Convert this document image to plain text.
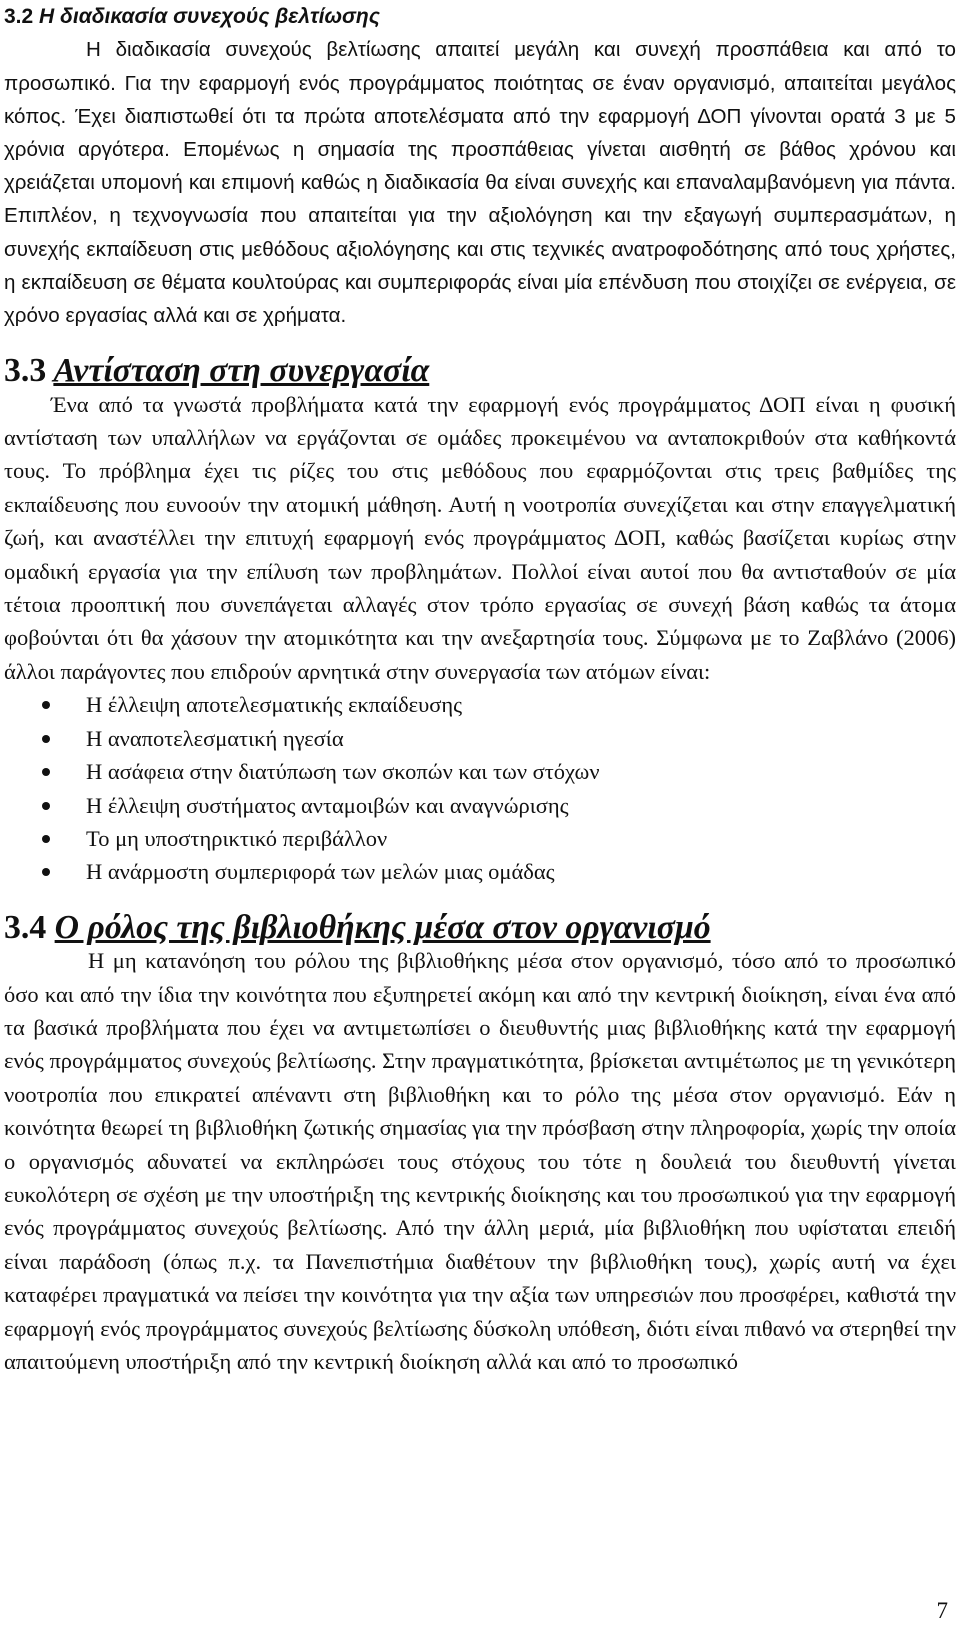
3.2 Η διαδικασία συνεχούς βελτίωσης

Η διαδικασία συνεχούς βελτίωσης απαιτεί μεγάλη και συνεχή προσπάθεια και από το προσωπικό. Για την εφαρμογή ενός προγράμματος ποιότητας σε έναν οργανισμό, απαιτείται μεγάλος κόπος. Έχει διαπιστωθεί ότι τα πρώτα αποτελέσματα από την εφαρμογή ΔΟΠ γίνονται ορατά 3 με 5 χρόνια αργότερα. Επομένως η σημασία της προσπάθειας γίνεται αισθητή σε βάθος χρόνου και χρειάζεται υπομονή και επιμονή καθώς η διαδικασία θα είναι συνεχής και επαναλαμβανόμενη για πάντα. Επιπλέον, η τεχνογνωσία που απαιτείται για την αξιολόγηση και την εξαγωγή συμπερασμάτων, η συνεχής εκπαίδευση στις μεθόδους αξιολόγησης και στις τεχνικές ανατροφοδότησης από τους χρήστες, η εκπαίδευση σε θέματα κουλτούρας και συμπεριφοράς είναι μία επένδυση που στοιχίζει σε ενέργεια, σε χρόνο εργασίας αλλά και σε χρήματα.

3.3 Αντίσταση στη συνεργασία

Ένα από τα γνωστά προβλήματα κατά την εφαρμογή ενός προγράμματος ΔΟΠ είναι η φυσική αντίσταση των υπαλλήλων να εργάζονται σε ομάδες προκειμένου να ανταποκριθούν στα καθήκοντά τους. Το πρόβλημα έχει τις ρίζες του στις μεθόδους που εφαρμόζονται στις τρεις βαθμίδες της εκπαίδευσης που ευνοούν την ατομική μάθηση. Αυτή η νοοτροπία συνεχίζεται και στην επαγγελματική ζωή, και αναστέλλει την επιτυχή εφαρμογή ενός προγράμματος ΔΟΠ, καθώς βασίζεται κυρίως στην ομαδική εργασία για την επίλυση των προβλημάτων. Πολλοί είναι αυτοί που θα αντισταθούν σε μία τέτοια προοπτική που συνεπάγεται αλλαγές στον τρόπο εργασίας σε συνεχή βάση καθώς τα άτομα φοβούνται ότι θα χάσουν την ατομικότητα και την ανεξαρτησία τους. Σύμφωνα με το Ζαβλάνο (2006) άλλοι παράγοντες που επιδρούν αρνητικά στην συνεργασία των ατόμων είναι:

Η έλλειψη αποτελεσματικής εκπαίδευσης
Η αναποτελεσματική ηγεσία
Η ασάφεια στην διατύπωση των σκοπών και των στόχων
Η έλλειψη συστήματος ανταμοιβών και αναγνώρισης
Το μη υποστηρικτικό περιβάλλον
Η ανάρμοστη συμπεριφορά των μελών μιας ομάδας
3.4 Ο ρόλος της βιβλιοθήκης μέσα στον οργανισμό

Η μη κατανόηση του ρόλου της βιβλιοθήκης μέσα στον οργανισμό, τόσο από το προσωπικό όσο και από την ίδια την κοινότητα που εξυπηρετεί ακόμη και από την κεντρική διοίκηση, είναι ένα από τα βασικά προβλήματα που έχει να αντιμετωπίσει ο διευθυντής μιας βιβλιοθήκης κατά την εφαρμογή ενός προγράμματος συνεχούς βελτίωσης. Στην πραγματικότητα, βρίσκεται αντιμέτωπος με τη γενικότερη νοοτροπία που επικρατεί απέναντι στη βιβλιοθήκη και το ρόλο της μέσα στον οργανισμό. Εάν η κοινότητα θεωρεί τη βιβλιοθήκη ζωτικής σημασίας για την πρόσβαση στην πληροφορία, χωρίς την οποία ο οργανισμός αδυνατεί να εκπληρώσει τους στόχους του τότε η δουλειά του διευθυντή γίνεται ευκολότερη σε σχέση με την υποστήριξη της κεντρικής διοίκησης και του προσωπικού για την εφαρμογή ενός προγράμματος συνεχούς βελτίωσης. Από την άλλη μεριά, μία βιβλιοθήκη που υφίσταται επειδή είναι παράδοση (όπως π.χ. τα Πανεπιστήμια διαθέτουν την βιβλιοθήκη τους), χωρίς αυτή να έχει καταφέρει πραγματικά να πείσει την κοινότητα για την αξία των υπηρεσιών που προσφέρει, καθιστά την εφαρμογή ενός προγράμματος συνεχούς βελτίωσης δύσκολη υπόθεση, διότι είναι πιθανό να στερηθεί την απαιτούμενη υποστήριξη από την κεντρική διοίκηση αλλά και από το προσωπικό

7
